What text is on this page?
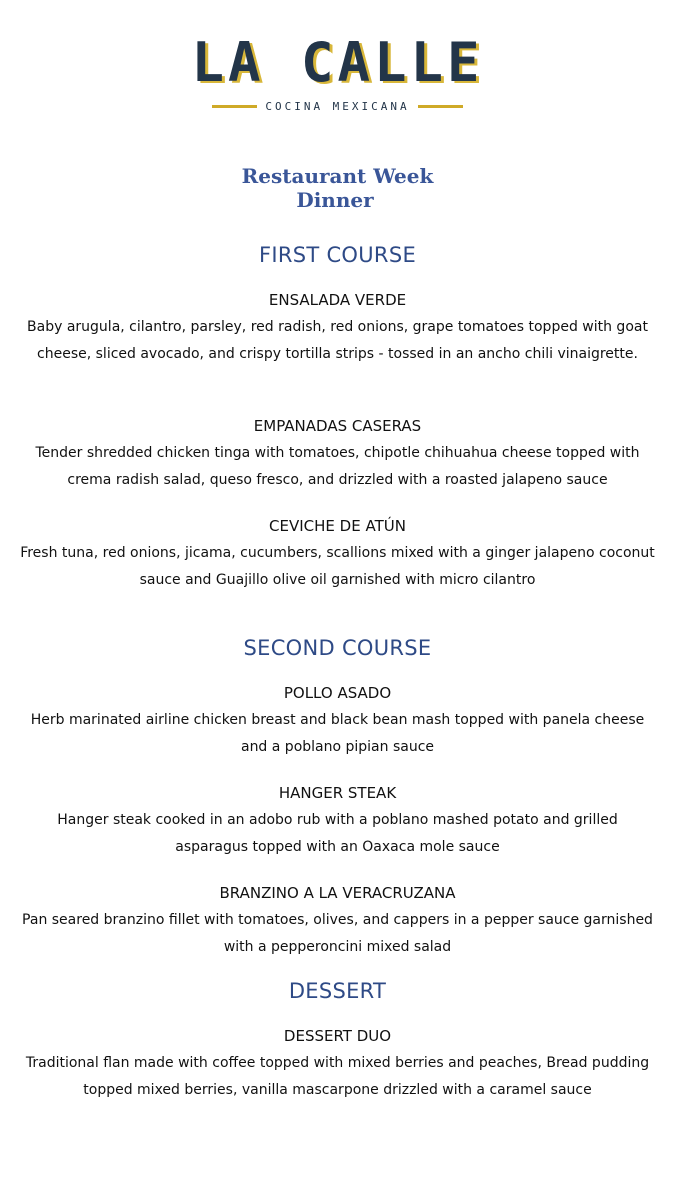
LA CALLE
COCINA MEXICANA
Restaurant Week
Dinner
FIRST COURSE
ENSALADA VERDE
Baby arugula, cilantro, parsley, red radish, red onions, grape tomatoes topped with goat cheese, sliced avocado, and crispy tortilla strips - tossed in an ancho chili vinaigrette.
EMPANADAS CASERAS
Tender shredded chicken tinga with tomatoes, chipotle chihuahua cheese topped with crema radish salad, queso fresco, and drizzled with a roasted jalapeno sauce
CEVICHE DE ATÚN
Fresh tuna, red onions, jicama, cucumbers, scallions mixed with a ginger jalapeno coconut sauce and Guajillo olive oil garnished with micro cilantro
SECOND COURSE
POLLO ASADO
Herb marinated airline chicken breast and black bean mash topped with panela cheese and a poblano pipian sauce
HANGER STEAK
Hanger steak cooked in an adobo rub with a poblano mashed potato and grilled asparagus topped with an Oaxaca mole sauce
BRANZINO A LA VERACRUZANA
Pan seared branzino fillet with tomatoes, olives, and cappers in a pepper sauce garnished with a pepperoncini mixed salad
DESSERT
DESSERT DUO
Traditional flan made with coffee topped with mixed berries and peaches, Bread pudding topped mixed berries, vanilla mascarpone drizzled with a caramel sauce
